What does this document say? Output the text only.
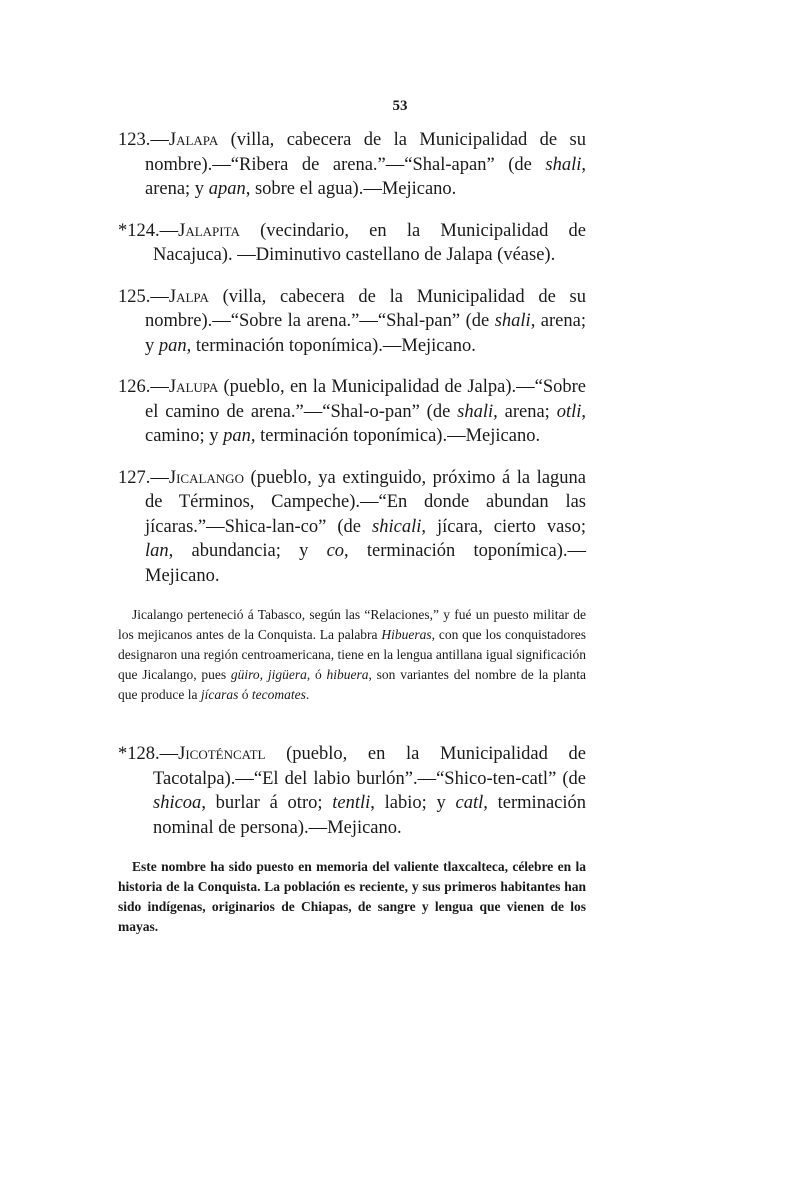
53

123.—Jalapa (villa, cabecera de la Municipalidad de su nombre).—“Ribera de arena.”—“Shal-apan” (de shali, arena; y apan, sobre el agua).—Mejicano.

*124.—Jalapita (vecindario, en la Municipalidad de Nacajuca). —Diminutivo castellano de Jalapa (véase).

125.—Jalpa (villa, cabecera de la Municipalidad de su nombre).—“Sobre la arena.”—“Shal-pan” (de shali, arena; y pan, terminación toponímica).—Mejicano.

126.—Jalupa (pueblo, en la Municipalidad de Jalpa).—“Sobre el camino de arena.”—“Shal-o-pan” (de shali, arena; otli, camino; y pan, terminación toponímica).—Mejicano.

127.—Jicalango (pueblo, ya extinguido, próximo á la laguna de Términos, Campeche).—“En donde abundan las jícaras.”—Shica-lan-co” (de shicali, jícara, cierto vaso; lan, abundancia; y co, terminación toponímica).—Mejicano.

Jicalango perteneció á Tabasco, según las “Relaciones,” y fué un puesto militar de los mejicanos antes de la Conquista. La palabra Hibueras, con que los conquistadores designaron una región centroamericana, tiene en la lengua antillana igual significación que Jicalango, pues güiro, jigüera, ó hibuera, son variantes del nombre de la planta que produce la jícaras ó tecomates.

*128.—Jicoténcatl (pueblo, en la Municipalidad de Tacotalpa).—“El del labio burlón”.—“Shico-ten-catl” (de shicoa, burlar á otro; tentli, labio; y catl, terminación nominal de persona).—Mejicano.

Este nombre ha sido puesto en memoria del valiente tlaxcalteca, célebre en la historia de la Conquista. La población es reciente, y sus primeros habitantes han sido indígenas, originarios de Chiapas, de sangre y lengua que vienen de los mayas.
